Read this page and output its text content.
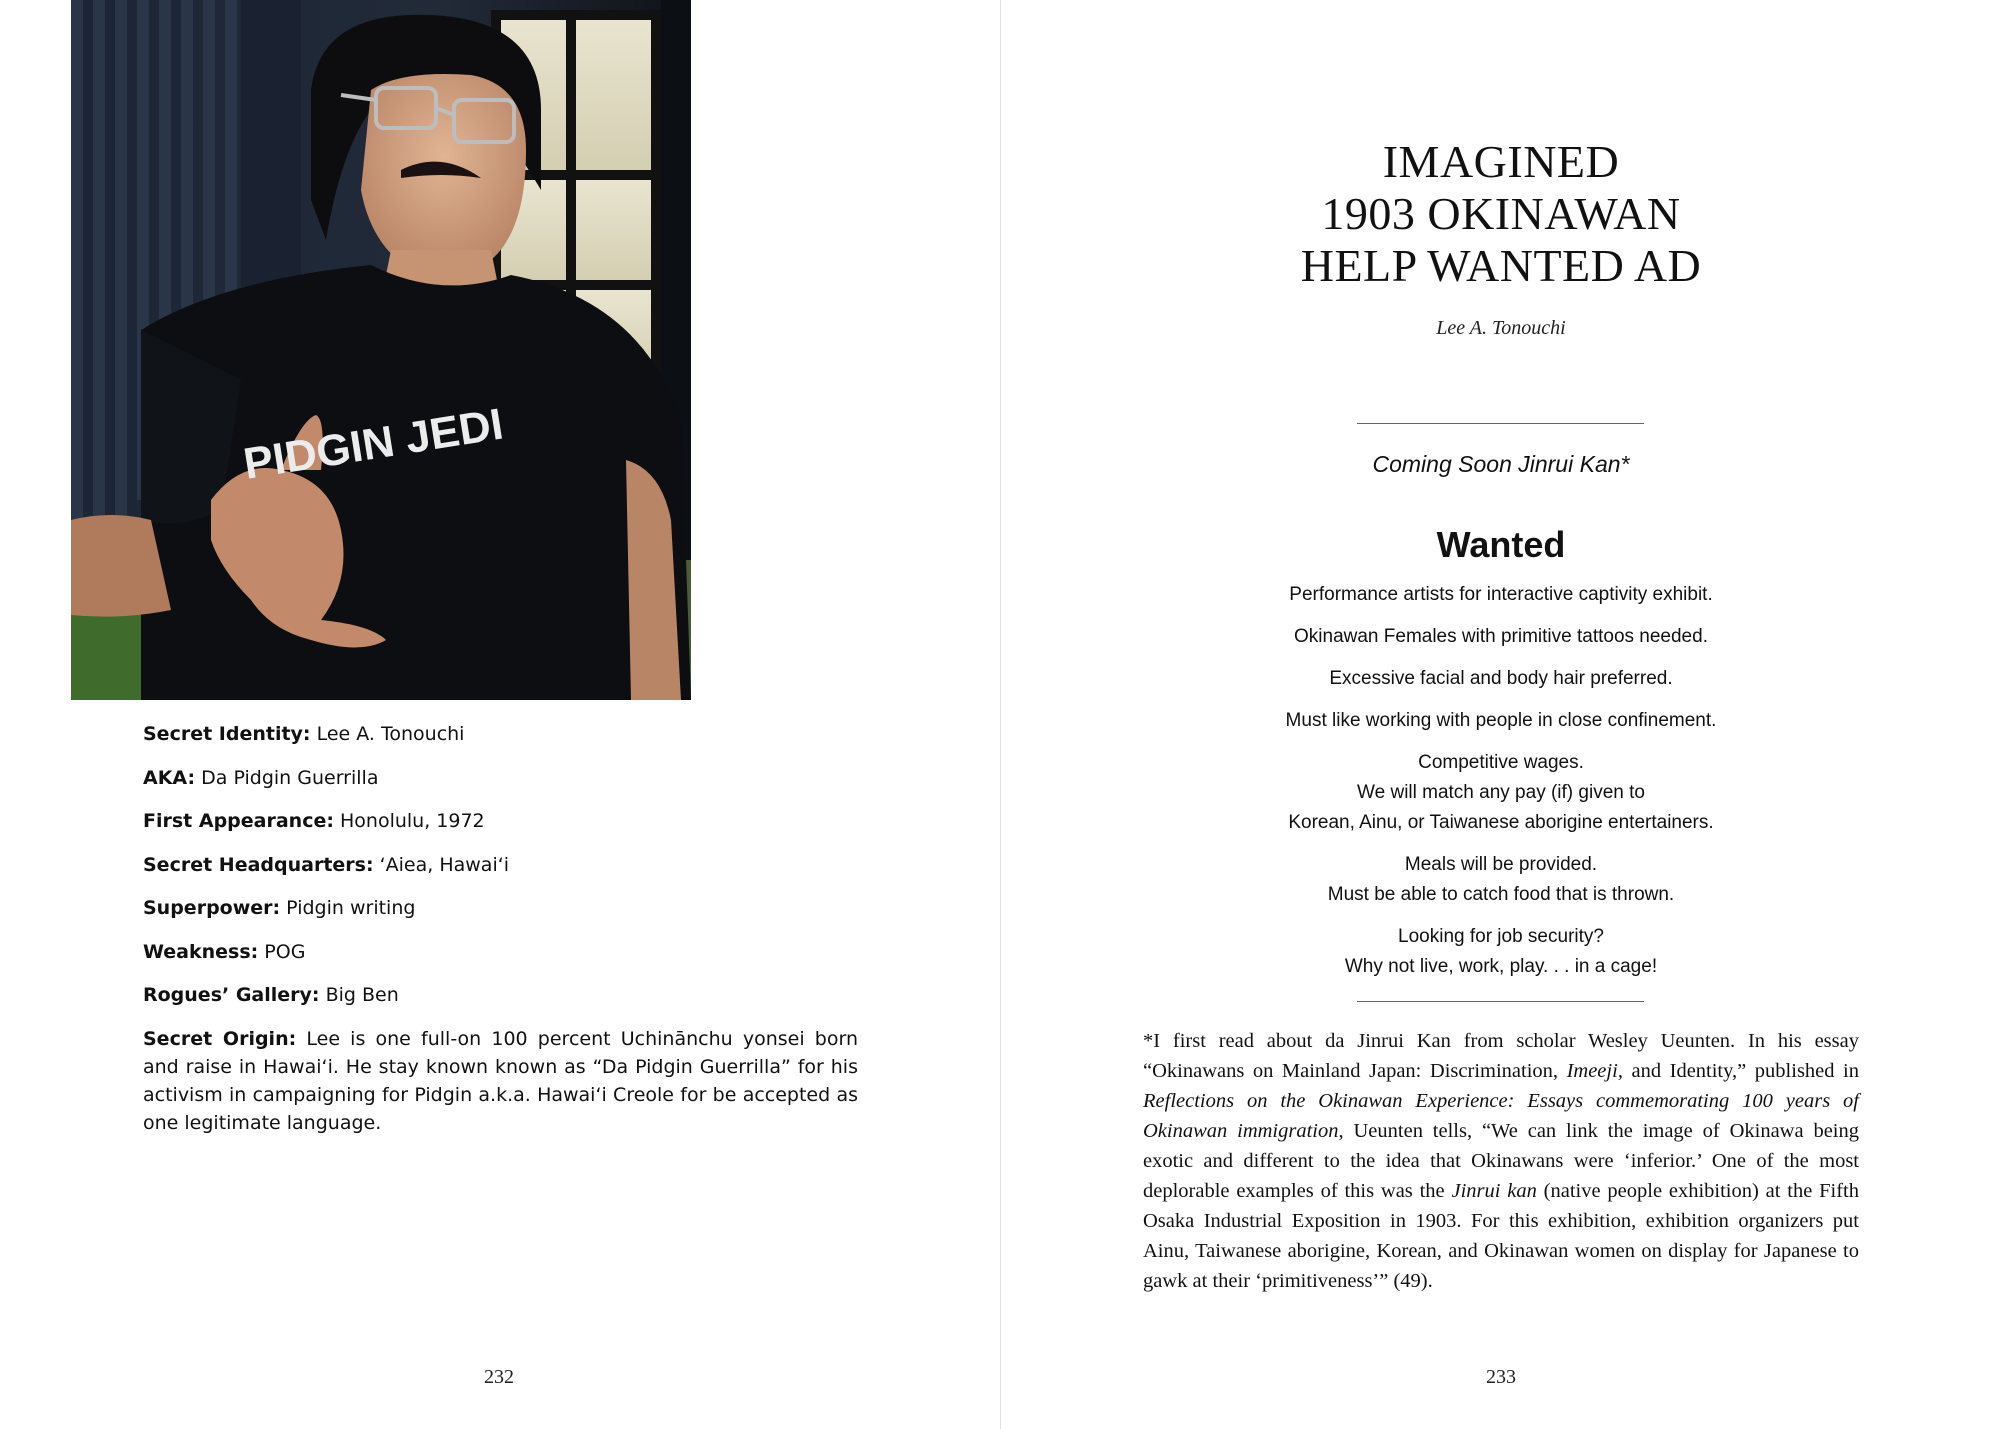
PIDGIN JEDI
Secret Identity: Lee A. Tonouchi
AKA: Da Pidgin Guerrilla
First Appearance: Honolulu, 1972
Secret Headquarters: ‘Aiea, Hawai‘i
Superpower: Pidgin writing
Weakness: POG
Rogues’ Gallery: Big Ben
Secret Origin: Lee is one full-on 100 percent Uchinānchu yonsei born and raise in Hawai‘i. He stay known known as “Da Pidgin Guerrilla” for his activism in campaigning for Pidgin a.k.a. Hawai‘i Creole for be accepted as one legitimate language.
232
IMAGINED
1903 OKINAWAN
HELP WANTED AD
Lee A. Tonouchi
Coming Soon Jinrui Kan*
Wanted
Performance artists for interactive captivity exhibit.
Okinawan Females with primitive tattoos needed.
Excessive facial and body hair preferred.
Must like working with people in close confinement.
Competitive wages.
We will match any pay (if) given to
Korean, Ainu, or Taiwanese aborigine entertainers.
Meals will be provided.
Must be able to catch food that is thrown.
Looking for job security?
Why not live, work, play. . . in a cage!
*I first read about da Jinrui Kan from scholar Wesley Ueunten. In his essay “Okinawans on Mainland Japan: Discrimination, Imeeji, and Identity,” published in Reflections on the Okinawan Experience: Essays commemorating 100 years of Okinawan immigration, Ueunten tells, “We can link the image of Okinawa being exotic and different to the idea that Okinawans were ‘inferior.’ One of the most deplorable examples of this was the Jinrui kan (native people exhibition) at the Fifth Osaka Industrial Exposition in 1903. For this exhibition, exhibition organizers put Ainu, Taiwanese aborigine, Korean, and Okinawan women on display for Japanese to gawk at their ‘primitiveness’” (49).
233
